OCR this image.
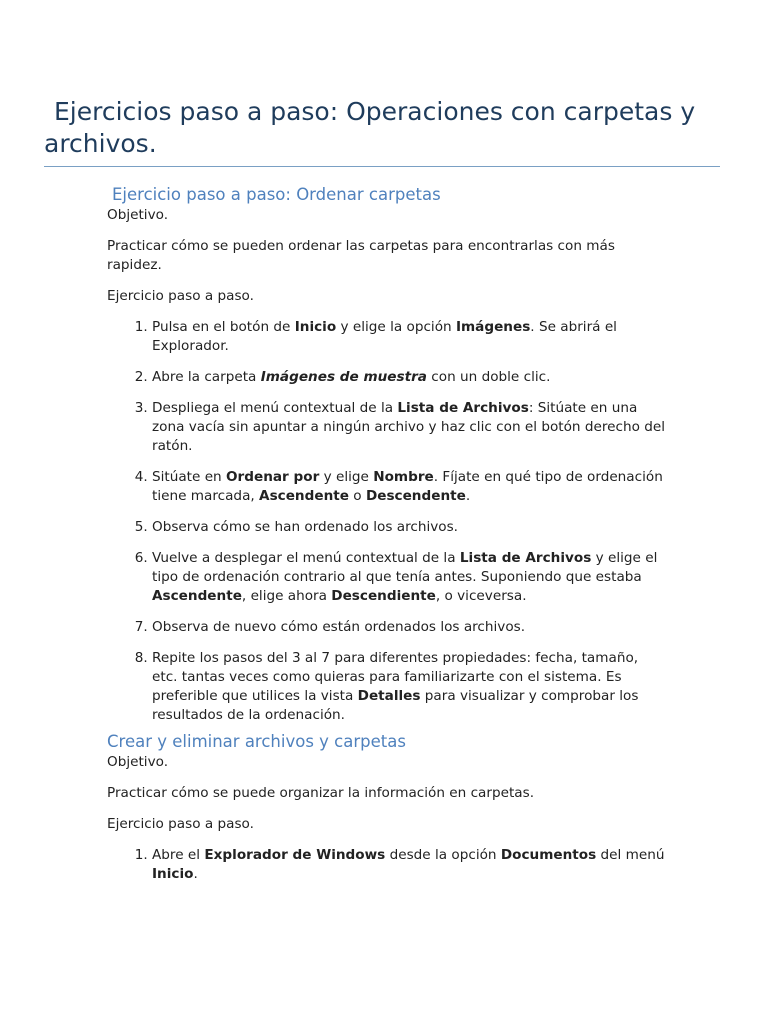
Ejercicios paso a paso: Operaciones con carpetas y archivos.
Ejercicio paso a paso: Ordenar carpetas

Objetivo.

Practicar cómo se pueden ordenar las carpetas para encontrarlas con más rapidez.

Ejercicio paso a paso.

1. Pulsa en el botón de Inicio y elige la opción Imágenes. Se abrirá el Explorador.
2. Abre la carpeta Imágenes de muestra con un doble clic.
3. Despliega el menú contextual de la Lista de Archivos: Sitúate en una zona vacía sin apuntar a ningún archivo y haz clic con el botón derecho del ratón.
4. Sitúate en Ordenar por y elige Nombre. Fíjate en qué tipo de ordenación tiene marcada, Ascendente o Descendente.
5. Observa cómo se han ordenado los archivos.
6. Vuelve a desplegar el menú contextual de la Lista de Archivos y elige el tipo de ordenación contrario al que tenía antes. Suponiendo que estaba Ascendente, elige ahora Descendiente, o viceversa.
7. Observa de nuevo cómo están ordenados los archivos.
8. Repite los pasos del 3 al 7 para diferentes propiedades: fecha, tamaño, etc. tantas veces como quieras para familiarizarte con el sistema. Es preferible que utilices la vista Detalles para visualizar y comprobar los resultados de la ordenación.
Crear y eliminar archivos y carpetas

Objetivo.

Practicar cómo se puede organizar la información en carpetas.

Ejercicio paso a paso.

1. Abre el Explorador de Windows desde la opción Documentos del menú Inicio.
